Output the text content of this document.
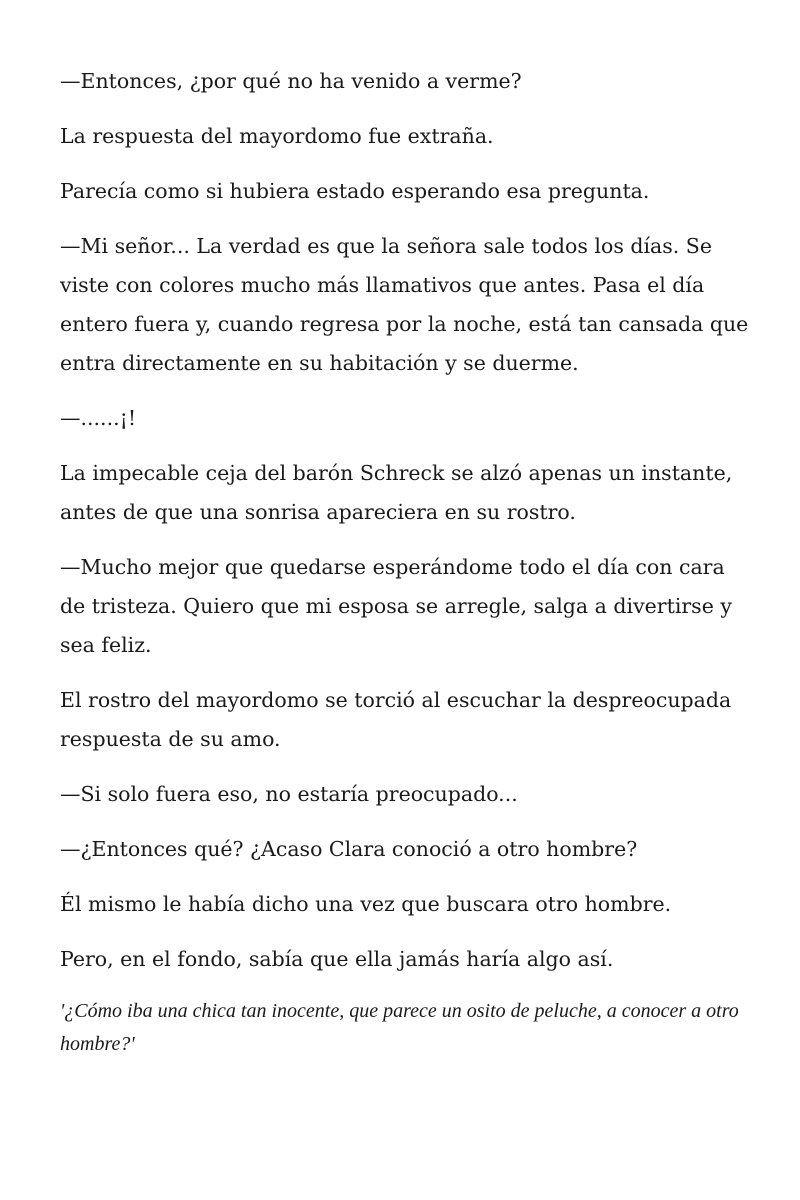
—Entonces, ¿por qué no ha venido a verme?

La respuesta del mayordomo fue extraña.

Parecía como si hubiera estado esperando esa pregunta.

—Mi señor... La verdad es que la señora sale todos los días. Se viste con colores mucho más llamativos que antes. Pasa el día entero fuera y, cuando regresa por la noche, está tan cansada que entra directamente en su habitación y se duerme.

—......¡!

La impecable ceja del barón Schreck se alzó apenas un instante, antes de que una sonrisa apareciera en su rostro.

—Mucho mejor que quedarse esperándome todo el día con cara de tristeza. Quiero que mi esposa se arregle, salga a divertirse y sea feliz.

El rostro del mayordomo se torció al escuchar la despreocupada respuesta de su amo.

—Si solo fuera eso, no estaría preocupado...

—¿Entonces qué? ¿Acaso Clara conoció a otro hombre?

Él mismo le había dicho una vez que buscara otro hombre.

Pero, en el fondo, sabía que ella jamás haría algo así.

'¿Cómo iba una chica tan inocente, que parece un osito de peluche, a conocer a otro hombre?'
